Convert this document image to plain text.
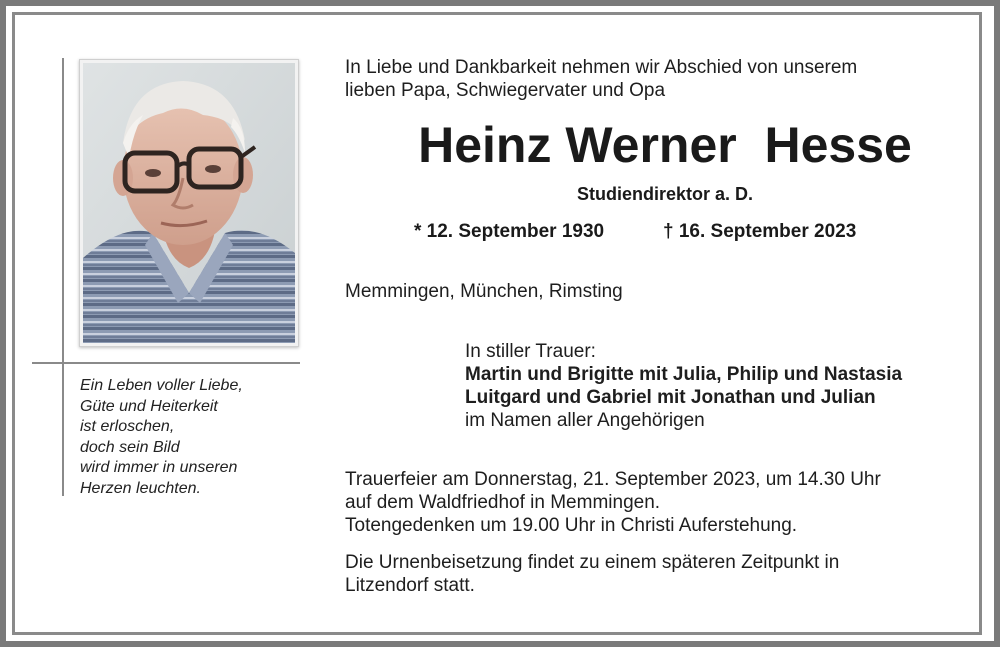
Ein Leben voller Liebe,
Güte und Heiterkeit
ist erloschen,
doch sein Bild
wird immer in unseren
Herzen leuchten.
In Liebe und Dankbarkeit nehmen wir Abschied von unserem
lieben Papa, Schwiegervater und Opa
Heinz Werner  Hesse
Studiendirektor a. D.
* 12. September 1930	† 16. September 2023
Memmingen, München, Rimsting
In stiller Trauer:
Martin und Brigitte mit Julia, Philip und Nastasia
Luitgard und Gabriel mit Jonathan und Julian
im Namen aller Angehörigen
Trauerfeier am Donnerstag, 21. September 2023, um 14.30 Uhr
auf dem Waldfriedhof in Memmingen.
Totengedenken um 19.00 Uhr in Christi Auferstehung.
Die Urnenbeisetzung findet zu einem späteren Zeitpunkt in
Litzendorf statt.
